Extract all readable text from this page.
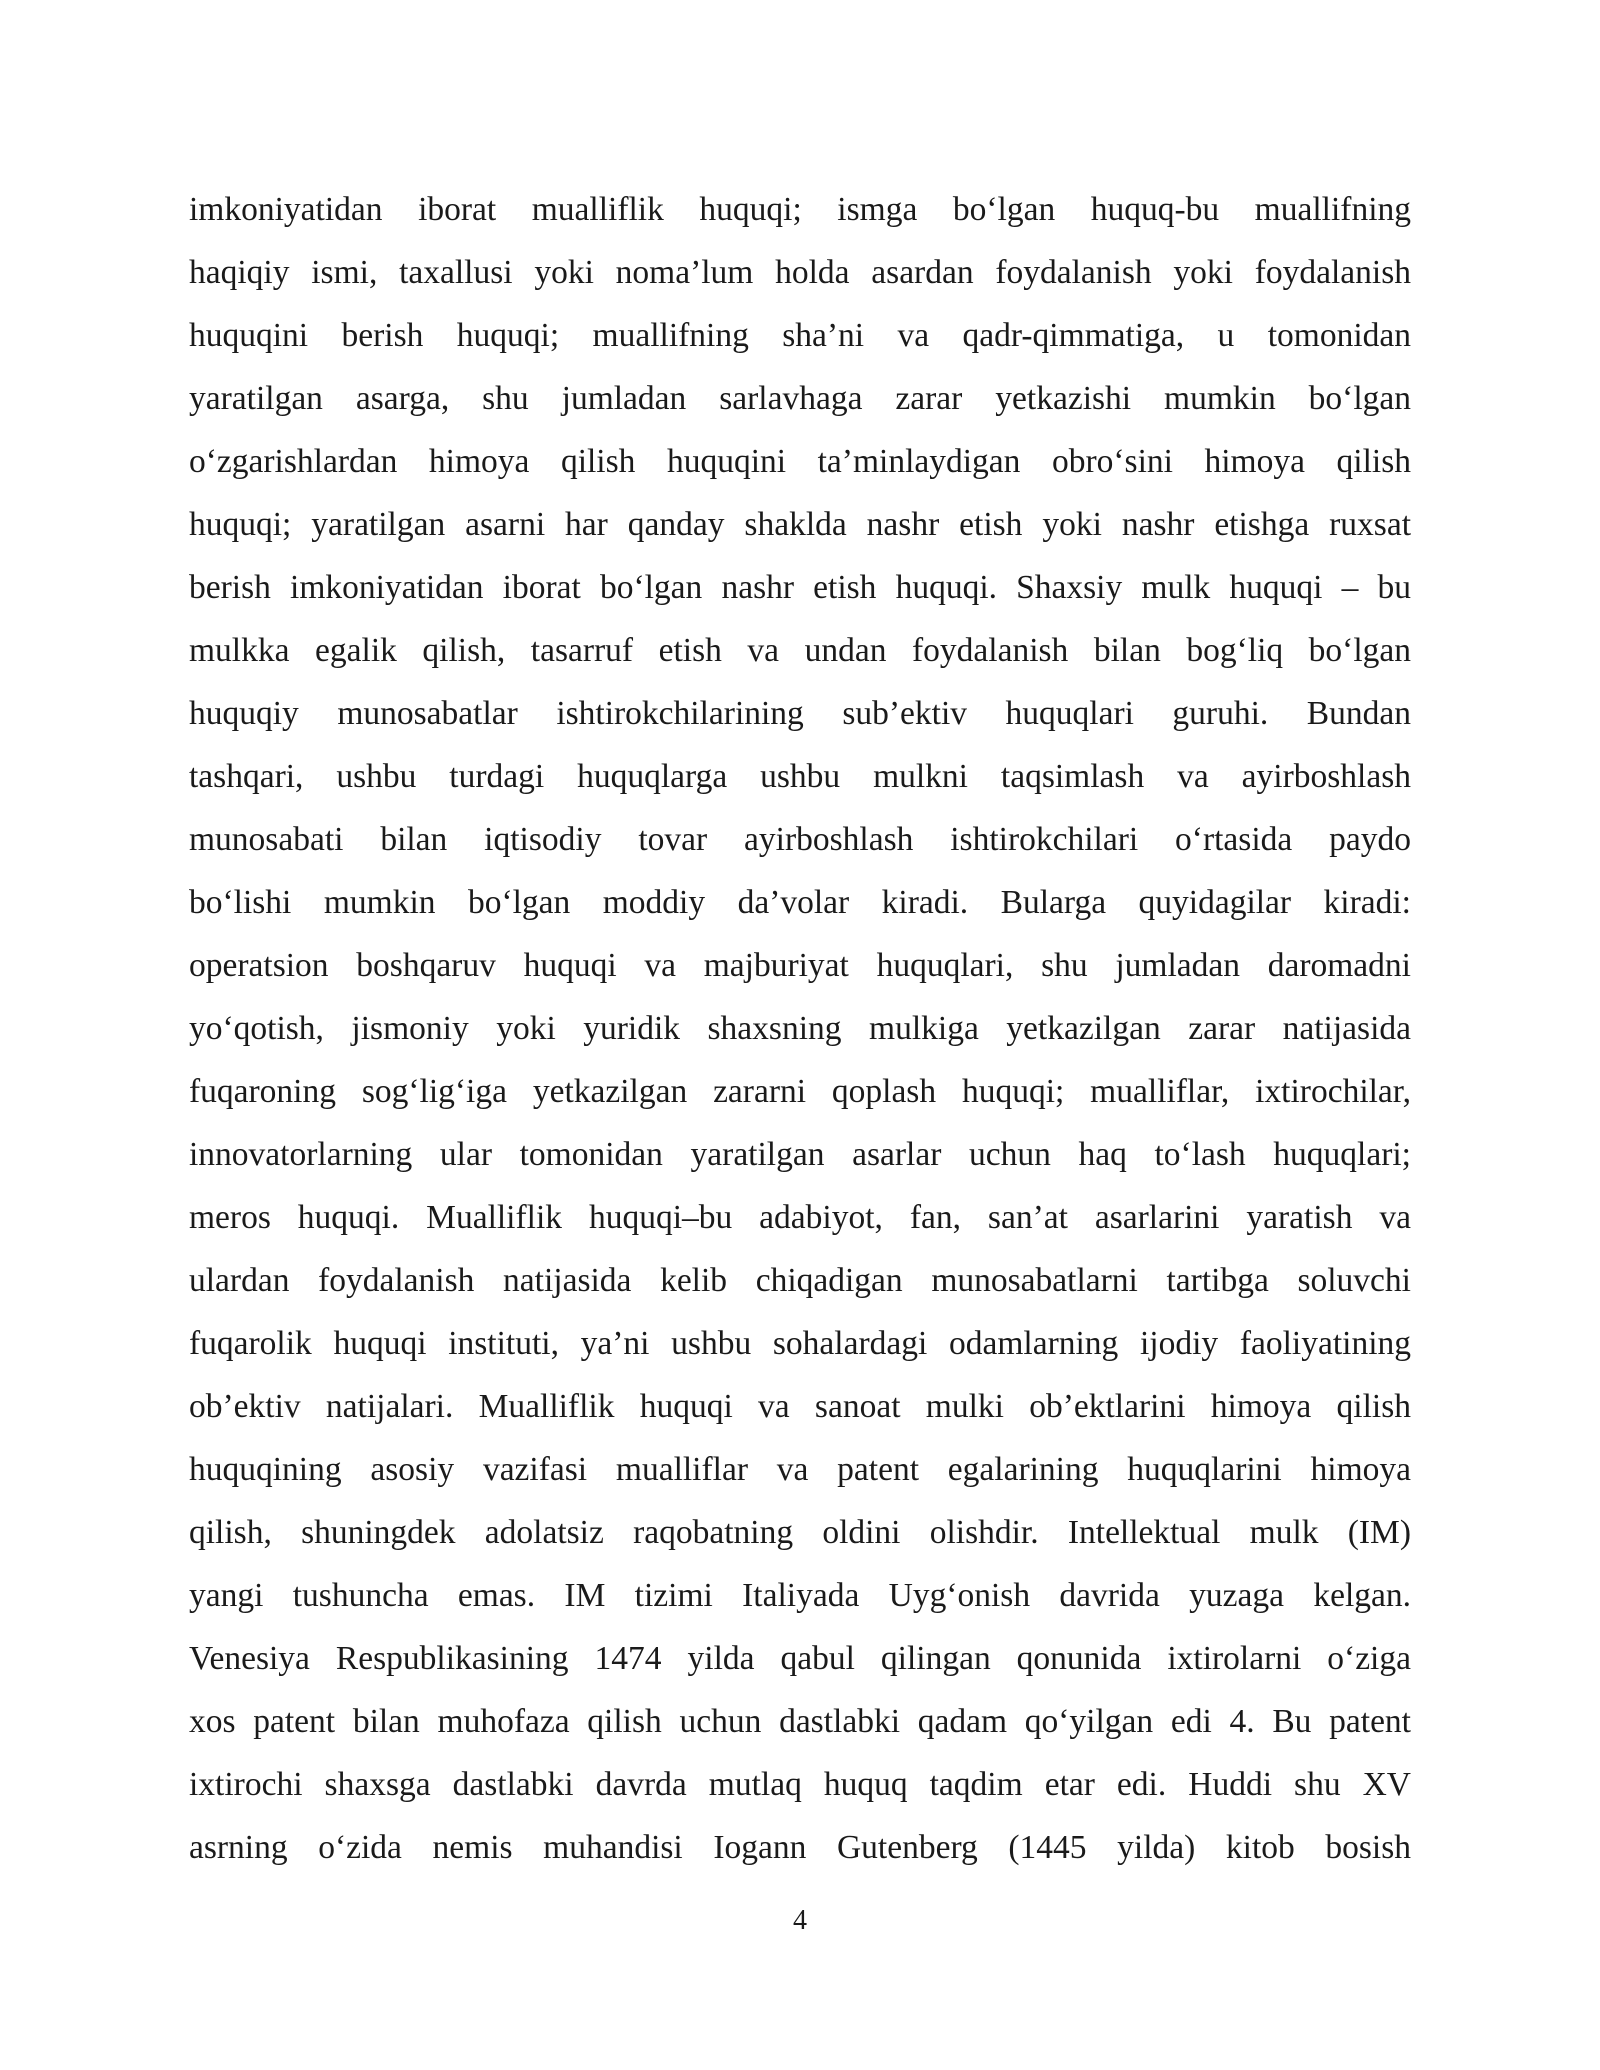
imkoniyatidan iborat mualliflik huquqi; ismga bo‘lgan huquq-bu muallifning
haqiqiy ismi, taxallusi yoki noma’lum holda asardan foydalanish yoki foydalanish
huquqini berish huquqi; muallifning sha’ni va qadr-qimmatiga, u tomonidan
yaratilgan asarga, shu jumladan sarlavhaga zarar yetkazishi mumkin bo‘lgan
o‘zgarishlardan himoya qilish huquqini ta’minlaydigan obro‘sini himoya qilish
huquqi; yaratilgan asarni har qanday shaklda nashr etish yoki nashr etishga ruxsat
berish imkoniyatidan iborat bo‘lgan nashr etish huquqi. Shaxsiy mulk huquqi – bu
mulkka egalik qilish, tasarruf etish va undan foydalanish bilan bog‘liq bo‘lgan
huquqiy munosabatlar ishtirokchilarining sub’ektiv huquqlari guruhi. Bundan
tashqari, ushbu turdagi huquqlarga ushbu mulkni taqsimlash va ayirboshlash
munosabati bilan iqtisodiy tovar ayirboshlash ishtirokchilari o‘rtasida paydo
bo‘lishi mumkin bo‘lgan moddiy da’volar kiradi. Bularga quyidagilar kiradi:
operatsion boshqaruv huquqi va majburiyat huquqlari, shu jumladan daromadni
yo‘qotish, jismoniy yoki yuridik shaxsning mulkiga yetkazilgan zarar natijasida
fuqaroning sog‘lig‘iga yetkazilgan zararni qoplash huquqi; mualliflar, ixtirochilar,
innovatorlarning ular tomonidan yaratilgan asarlar uchun haq to‘lash huquqlari;
meros huquqi. Mualliflik huquqi–bu adabiyot, fan, san’at asarlarini yaratish va
ulardan foydalanish natijasida kelib chiqadigan munosabatlarni tartibga soluvchi
fuqarolik huquqi instituti, ya’ni ushbu sohalardagi odamlarning ijodiy faoliyatining
ob’ektiv natijalari. Mualliflik huquqi va sanoat mulki ob’ektlarini himoya qilish
huquqining asosiy vazifasi mualliflar va patent egalarining huquqlarini himoya
qilish, shuningdek adolatsiz raqobatning oldini olishdir. Intellektual mulk (IM)
yangi tushuncha emas. IM tizimi Italiyada Uyg‘onish davrida yuzaga kelgan.
Venesiya Respublikasining 1474 yilda qabul qilingan qonunida ixtirolarni o‘ziga
xos patent bilan muhofaza qilish uchun dastlabki qadam qo‘yilgan edi 4. Bu patent
ixtirochi shaxsga dastlabki davrda mutlaq huquq taqdim etar edi. Huddi shu XV
asrning o‘zida nemis muhandisi Iogann Gutenberg (1445 yilda) kitob bosish
4
